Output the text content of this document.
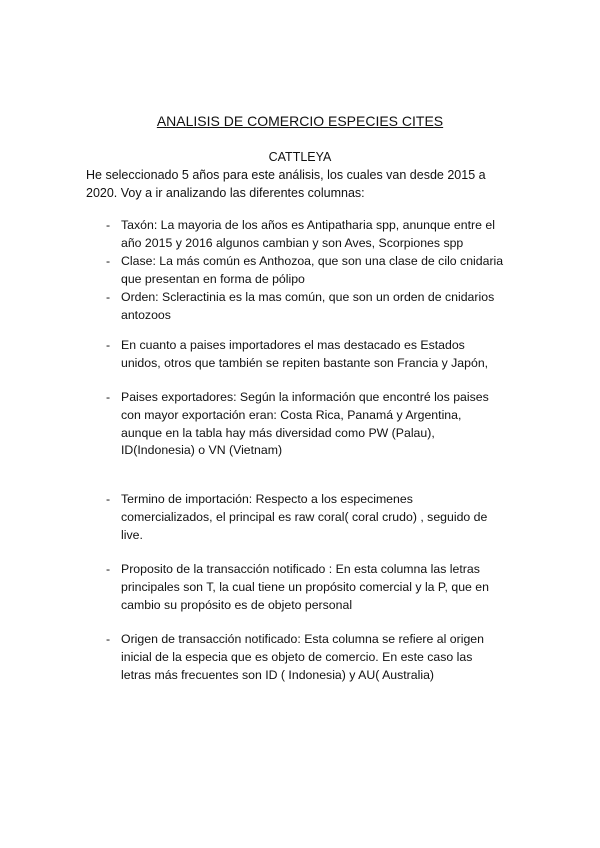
ANALISIS DE COMERCIO ESPECIES CITES
CATTLEYA
He seleccionado 5 años para este análisis, los cuales van desde 2015 a
2020. Voy a ir analizando las diferentes columnas:
- Taxón: La mayoria de los años es Antipatharia spp, anunque entre el
año 2015 y 2016 algunos cambian y son Aves, Scorpiones spp
- Clase: La más común es Anthozoa, que son una clase de cilo cnidaria
que presentan en forma de pólipo
- Orden: Scleractinia es la mas común, que son un orden de cnidarios
antozoos
- En cuanto a paises importadores el mas destacado es Estados
unidos, otros que también se repiten bastante son Francia y Japón,
- Paises exportadores: Según la información que encontré los paises
con mayor exportación eran: Costa Rica, Panamá y Argentina,
aunque en la tabla hay más diversidad como PW (Palau),
ID(Indonesia) o VN (Vietnam)
- Termino de importación: Respecto a los especimenes
comercializados, el principal es raw coral( coral crudo) , seguido de
live.
- Proposito de la transacción notificado : En esta columna las letras
principales son T, la cual tiene un propósito comercial y la P, que en
cambio su propósito es de objeto personal
- Origen de transacción notificado: Esta columna se refiere al origen
inicial de la especia que es objeto de comercio. En este caso las
letras más frecuentes son ID ( Indonesia) y AU( Australia)
